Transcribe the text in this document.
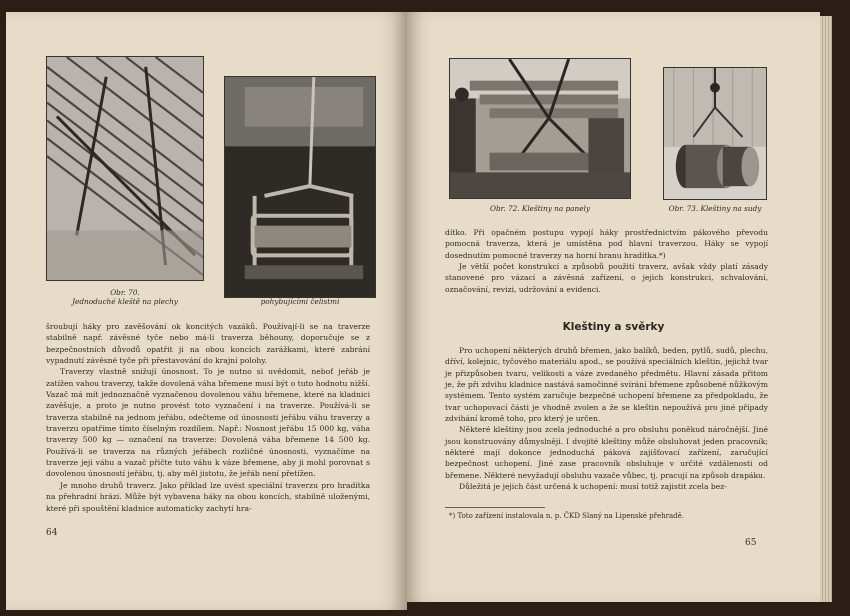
Obr. 70.
Jednoduché kleště na plechy
Obr. 71. Kleštiny se svisle se
pohybujícími čelistmi

šroubují háky pro zavěšování ok koncitých vazáků. Používají-li se na traverze stabilně např. závěsné tyče nebo má-li traverza běhouny, doporučuje se z bezpečnostních důvodů opatřit ji na obou koncích zarážkami, které zabrání vypadnutí závěsné tyče při přestavování do krajní polohy.

Traverzy vlastně snižují únosnost. To je nutno si uvědomit, neboť jeřáb je zatížen vahou traverzy, takže dovolená váha břemene musí být o tuto hodnotu nižší. Vazač má mít jednoznačně vyznačenou dovolenou váhu břemene, které na kladnici zavěšuje, a proto je nutno provést toto vyznačení i na traverze. Používá-li se traverza stabilně na jednom jeřábu, odečteme od únosnosti jeřábu váhu traverzy a traverzu opatříme tímto číselným rozdílem. Např.: Nosnost jeřábu 15 000 kg, váha traverzy 500 kg — označení na traverze: Dovolená váha břemene 14 500 kg. Používá-li se traverza na různých jeřábech rozličné únosnosti, vyznačíme na traverze její váhu a vazač přičte tuto váhu k váze břemene, aby ji mohl porovnat s dovolenou únosností jeřábu, tj. aby měl jistotu, že jeřáb není přetížen.

Je mnoho druhů traverz. Jako příklad lze uvést speciální traverzu pro hradítka na přehradní hrázi. Může být vybavena háky na obou koncích, stabilně uloženými, které při spouštění kladnice automaticky zachytí hra-

64
Obr. 72. Kleštiny na panely	Obr. 73. Kleštiny na sudy

dítko. Při opačném postupu vypojí háky prostřednictvím pákového převodu pomocná traverza, která je umístěna pod hlavní traverzou. Háky se vypojí dosednutím pomocné traverzy na horní hranu hradítka.*)

Je větší počet konstrukcí a způsobů použití traverz, avšak vždy platí zásady stanovené pro vázací a závěsná zařízení, o jejich konstrukci, schvalování, označování, revizi, udržování a evidenci.

Kleštiny a svěrky

Pro uchopení některých druhů břemen, jako balíků, beden, pytlů, sudů, plechu, dříví, kolejnic, tyčového materiálu apod., se používá speciálních kleštin, jejichž tvar je přizpůsoben tvaru, velikosti a váze zvedaného předmětu. Hlavní zásada přitom je, že při zdvihu kladnice nastává samočinné svírání břemene způsobené nůžkovým systémem. Tento systém zaručuje bezpečné uchopení břemene za předpokladu, že tvar uchopovací části je vhodně zvolen a že se kleštin nepoužívá pro jiné případy zdvihání kromě toho, pro který je určen.

Některé kleštiny jsou zcela jednoduché a pro obsluhu poněkud náročnější. Jiné jsou konstruovány důmyslněji. I dvojité kleštiny může obsluhovat jeden pracovník; některé mají dokonce jednoduchá páková zajišťovací zařízení, zaručující bezpečnost uchopení. Jiné zase pracovník obsluhuje v určité vzdálenosti od břemene. Některé nevyžadují obsluhu vazače vůbec, tj. pracují na způsob drapáku.

Důležitá je jejich část určená k uchopení: musí totiž zajistit zcela bez-

*) Toto zařízení instalovala n. p. ČKD Slaný na Lipenské přehradě.
65
